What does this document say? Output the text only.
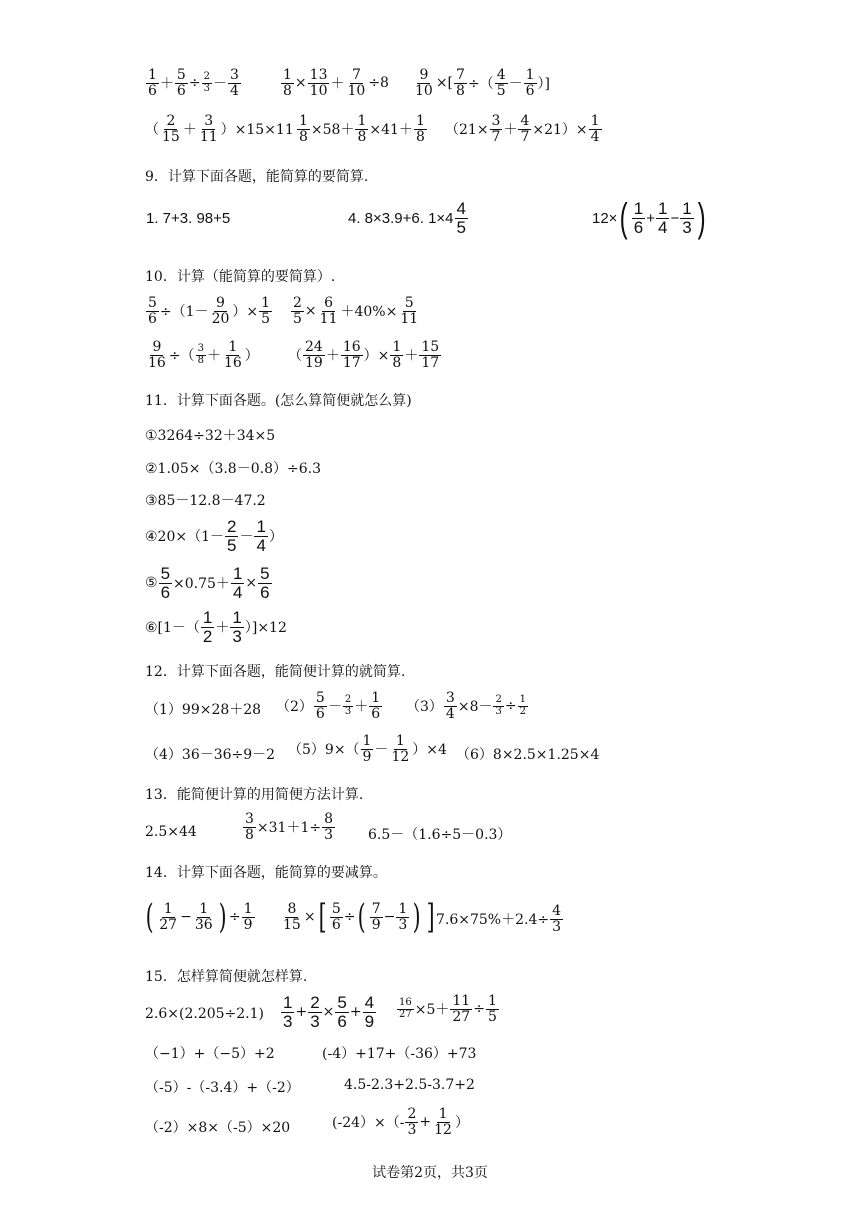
1
$6 + \frac{5}{6} \div \frac{2}{3}$ －
3
4	$\frac{1}{8} \times \frac{13}{10} + \frac{7}{10} \div 8 \frac{9}{10}$ ×[ $\frac{7}{8}$ ÷（
4
5 －
1
6 ）]
（
2
15 ＋
3
11 ）$\times 15\times 11 \frac{1}{8} \times 58+ \frac{1}{8} \times 41+$
1
8 $(21\times \frac{3}{7} + \frac{4}{7} \times 21)\times \frac{1}{4}$
9．计算下面各题，能简算的要简算.
1. 7+3. 98+5	4. 8×3.9+6. 1×4
4
5	12× ( 1
$6 + \frac{1}{4} - \frac{1}{3}$ )
10．计算（能简算的要简算）.
$\frac{5}{6} \div(1-$
9
20 ）× $\frac{1}{5} \frac{2}{5} \times \frac{6}{11} +40\%\times \frac{5}{11}$
$\frac{9}{16}$ ÷（ 3
8 ＋
1
16 ） （
24
19 ＋
16
17 ）× $\frac{1}{8}$ ＋
15
17
11．计算下面各题。(怎么算简便就怎么算)
①3264÷32＋34×5
②1.05×（3.8－0.8）÷6.3
③85－12.8－47.2
④20×（1－
2
5 －
1
4 ）
⑤ $\frac{5}{6} \times 0.75+ \frac{1}{4} \times \frac{5}{6}$
⑥[1－（
1
2 ＋
1
3 ）]×12
12．计算下面各题，能简便计算的就简算.
（1）99×28＋28 （2）
5
6 － 2
3 ＋
1
6 $(3) \frac{3}{4} \times 8- \frac{2}{3} \div \frac{1}{2}$
（4）36－36÷9－2 （5）9×（
1
9 －
1
12 ）×4 （6）8×2.5×1.25×4
13．能简便计算的用简便方法计算.
2.5×44	$\frac{3}{8} \times 31+1\div \frac{8}{3} 6.5-(1.6\div 5-0.3)$
14．计算下面各题，能简算的要减算。
( 1
$27 - \frac{1}{36}$ ) ÷ $\frac{1}{9} \frac{8}{15}$ × [ $\frac{5}{6}$ ÷ ( 7
$9 - \frac{1}{3}$ ) ] $7.6\times 75\%+2.4\div \frac{4}{3}$
15．怎样算简便就怎样算.
2.6×(2.205÷2.1)
1
$3 + \frac{2}{3} \times \frac{5}{6} + \frac{4}{9} \frac{16}{27} \times 5+ \frac{11}{27} \div \frac{1}{5}$
（−1）+（−5）+2	(-4）+17+（-36）+73
（-5）-（-3.4）+（-2）	4.5-2.3+2.5-3.7+2
（-2）×8×（-5）×20	(-24）×（-
2
$3 + \frac{1}{12}$ ）
试卷第2页，共3页
